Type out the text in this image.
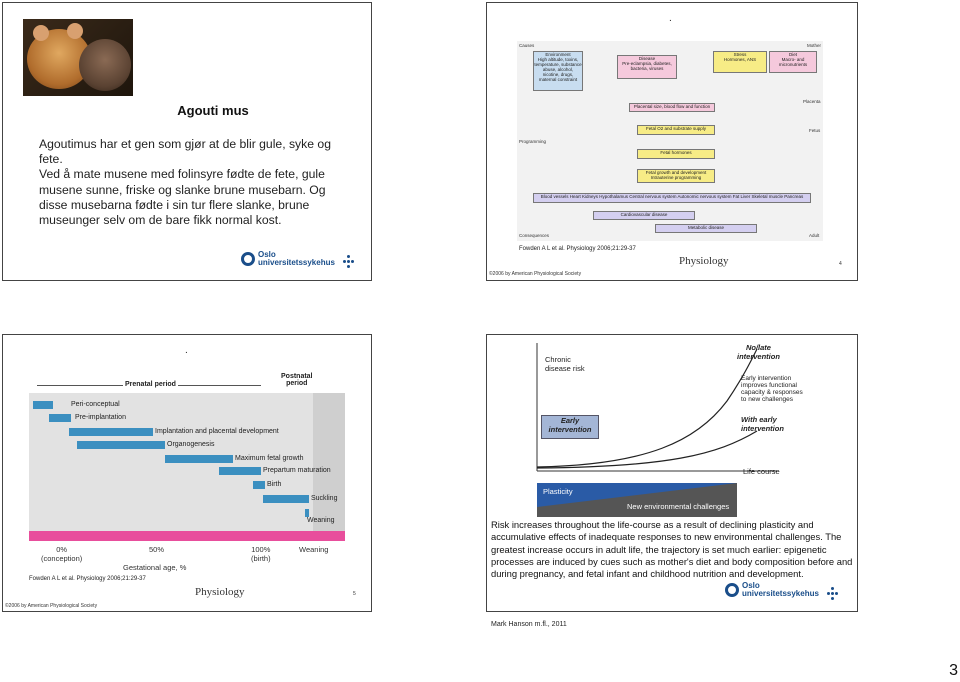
Agouti mus
Agoutimus har et gen som gjør at de blir gule, syke og fete.
Ved å mate musene med folinsyre fødte de fete, gule musene sunne, friske og slanke brune musebarn. Og disse musebarna fødte i sin tur flere slanke, brune museunger selv om de bare fikk normal kost.
Oslo universitetssykehus
.
Causes	Mother
Environment
High altitude, toxins, temperature, substance abuse, alcohol, nicotine, drugs, maternal constraint
Disease
Pre-eclampsia, diabetes, bacteria, viruses
Stress
Hormones, ANS
Diet
Macro- and micronutrients
Placenta
Placental size, blood flow and function
Programming
Fetus
Fetal O2 and substrate supply
Fetal hormones
Fetal growth and development
Intrauterine programming
Blood vessels Heart Kidneys Hypothalamus Central nervous system Autonomic nervous system Fat Liver Skeletal muscle Pancreas
Cardiovascular disease
Metabolic disease
Consequences	Adult
Fowden A L et al. Physiology 2006;21:29-37
Physiology	4
©2006 by American Physiological Society
.
Prenatal period
Postnatal
period
Peri-conceptual
Pre-implantation
Implantation and placental development
Organogenesis
Maximum fetal growth
Prepartum maturation
Birth
Suckling
Weaning
0%
(conception)
50%	100%
(birth)
Weaning
Gestational age, %
Fowden A L et al. Physiology 2006;21:29-37
Physiology	5
©2006 by American Physiological Society
Chronic
disease risk
No/late
intervention
Early intervention
improves functional
capacity & responses
to new challenges
With early
intervention
Early
intervention
Life course
Plasticity
New environmental challenges
Risk increases throughout the life-course as a result of declining plasticity and accumulative effects of inadequate responses to new environmental challenges. The greatest increase occurs in adult life, the trajectory is set much earlier: epigenetic processes are induced by cues such as mother's diet and body composition before and during pregnancy, and fetal infant and childhood nutrition and development.
Mark Hanson m.fl., 2011
Oslo universitetssykehus
3
